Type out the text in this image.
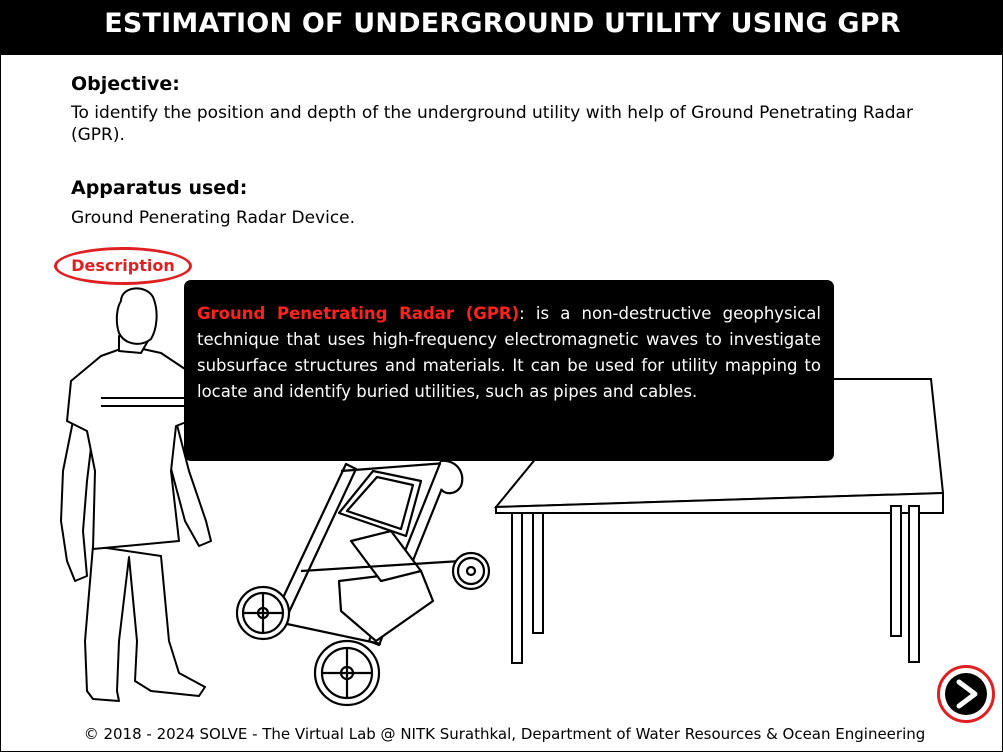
ESTIMATION OF UNDERGROUND UTILITY USING GPR
Objective:
To identify the position and depth of the underground utility with help of Ground Penetrating Radar (GPR).
Apparatus used:
Ground Penerating Radar Device.
Description
Ground Penetrating Radar (GPR): is a non-destructive geophysical technique that uses high-frequency electromagnetic waves to investigate subsurface structures and materials. It can be used for utility mapping to locate and identify buried utilities, such as pipes and cables.
© 2018 - 2024 SOLVE - The Virtual Lab @ NITK Surathkal, Department of Water Resources & Ocean Engineering
